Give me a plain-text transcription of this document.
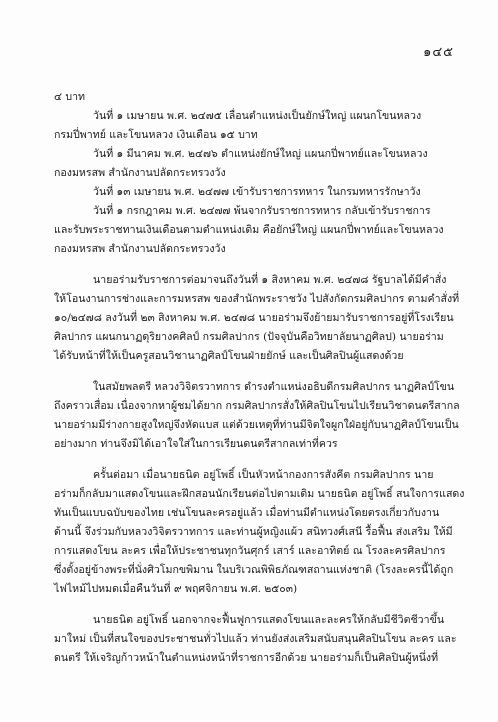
๑๔๕
๔ บาท
วันที่ ๑ เมษายน พ.ศ. ๒๔๗๕ เลื่อนตำแหน่งเป็นยักษ์ใหญ่ แผนกโขนหลวง
กรมปี่พาทย์ และโขนหลวง เงินเดือน ๑๕ บาท
วันที่ ๑ มีนาคม พ.ศ. ๒๔๗๖ ตำแหน่งยักษ์ใหญ่ แผนกปี่พาทย์และโขนหลวง
กองมหรสพ สำนักงานปลัดกระทรวงวัง
วันที่ ๑๓ เมษายน พ.ศ. ๒๔๗๗ เข้ารับราชการทหาร ในกรมทหารรักษาวัง
วันที่ ๑ กรกฎาคม พ.ศ. ๒๔๗๗ พ้นจากรับราชการทหาร กลับเข้ารับราชการ
และรับพระราชทานเงินเดือนตามตำแหน่งเดิม คือยักษ์ใหญ่ แผนกปี่พาทย์และโขนหลวง
กองมหรสพ สำนักงานปลัดกระทรวงวัง
นายอร่ามรับราชการต่อมาจนถึงวันที่ ๑ สิงหาคม พ.ศ. ๒๔๗๘ รัฐบาลได้มีคำสั่ง
ให้โอนงานการช่างและการมหรสพ ของสำนักพระราชวัง ไปสังกัดกรมศิลปากร ตามคำสั่งที่
๑๐/๒๔๗๘ ลงวันที่ ๒๓ สิงหาคม พ.ศ. ๒๔๗๘ นายอร่ามจึงย้ายมารับราชการอยู่ที่โรงเรียน
ศิลปากร แผนกนาฏดุริยางคศิลป์ กรมศิลปากร (ปัจจุบันคือวิทยาลัยนาฏศิลป) นายอร่าม
ได้รับหน้าที่ให้เป็นครูสอนวิชานาฏศิลป์โขนฝ่ายยักษ์ และเป็นศิลปินผู้แสดงด้วย
ในสมัยพลตรี หลวงวิจิตรวาทการ ดำรงตำแหน่งอธิบดีกรมศิลปากร นาฏศิลป์โขน
ถึงคราวเสื่อม เนื่องจากหาผู้ชมได้ยาก กรมศิลปากรสั่งให้ศิลปินโขนไปเรียนวิชาดนตรีสากล
นายอร่ามมีร่างกายสูงใหญ่จึงหัดแบส แต่ด้วยเหตุที่ท่านมีจิตใจผูกใฝ่อยู่กับนาฏศิลป์โขนเป็น
อย่างมาก ท่านจึงมิได้เอาใจใส่ในการเรียนดนตรีสากลเท่าที่ควร
ครั้นต่อมา เมื่อนายธนิต อยู่โพธิ์ เป็นหัวหน้ากองการสังคีต กรมศิลปากร นาย
อร่ามก็กลับมาแสดงโขนและฝึกสอนนักเรียนต่อไปตามเดิม นายธนิต อยู่โพธิ์ สนใจการแสดง
ทันเป็นแบบฉบับของไทย เช่นโขนละครอยู่แล้ว เมื่อท่านมีตำแหน่งโดยตรงเกี่ยวกับงาน
ด้านนี้ จึงร่วมกับหลวงวิจิตรวาทการ และท่านผู้หญิงแผ้ว สนิทวงศ์เสนี รื้อฟื้น ส่งเสริม ให้มี
การแสดงโขน ละคร เพื่อให้ประชาชนทุกวันศุกร์ เสาร์ และอาทิตย์ ณ โรงละครศิลปากร
ซึ่งตั้งอยู่ข้างพระที่นั่งศิวโมกขพิมาน ในบริเวณพิพิธภัณฑสถานแห่งชาติ (โรงละครนี้ได้ถูก
ไฟไหม้ไปหมดเมื่อคืนวันที่ ๙ พฤศจิกายน พ.ศ. ๒๕๐๓)
นายธนิต อยู่โพธิ์ นอกจากจะฟื้นฟูการแสดงโขนและละครให้กลับมีชีวิตชีวาขึ้น
มาใหม่ เป็นที่สนใจของประชาชนทั่วไปแล้ว ท่านยังส่งเสริมสนับสนุนศิลปินโขน ละคร และ
ดนตรี ให้เจริญก้าวหน้าในตำแหน่งหน้าที่ราชการอีกด้วย นายอร่ามก็เป็นศิลปินผู้หนึ่งที่
